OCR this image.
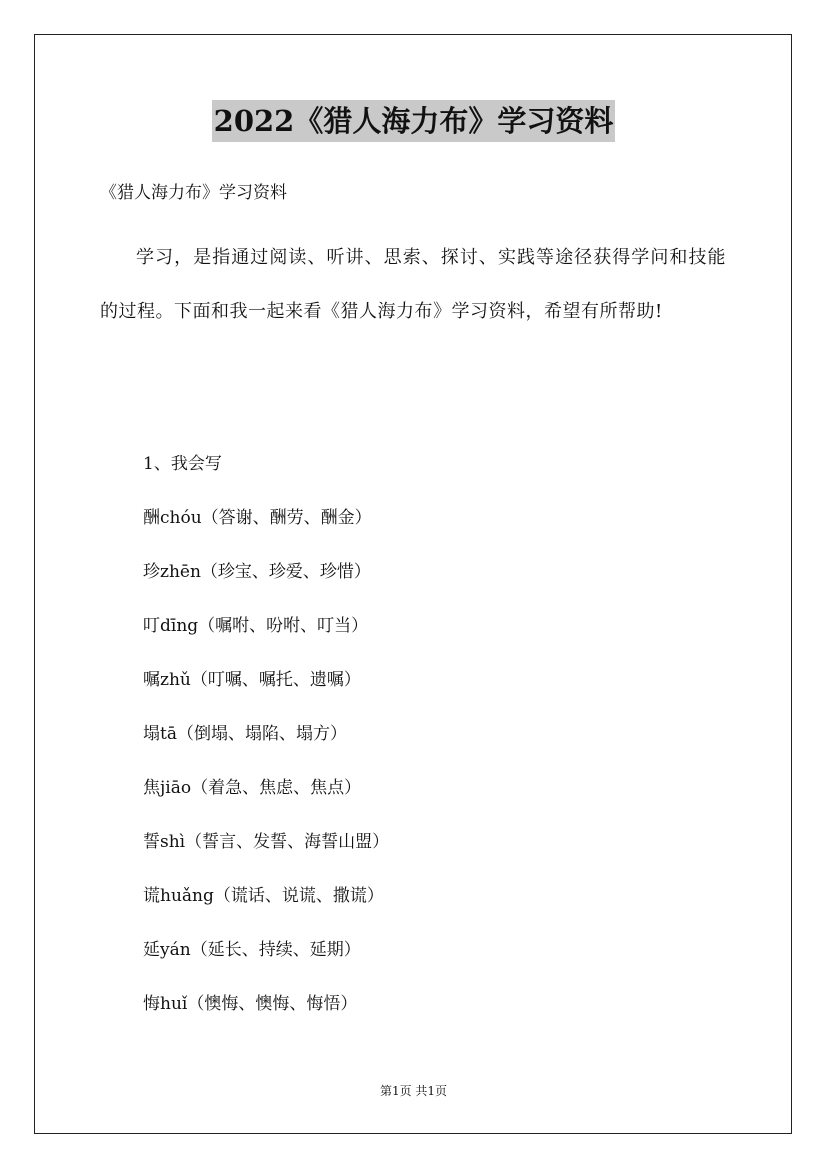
2022《猎人海力布》学习资料
《猎人海力布》学习资料
学习，是指通过阅读、听讲、思索、探讨、实践等途径获得学问和技能的过程。下面和我一起来看《猎人海力布》学习资料，希望有所帮助!
1、我会写
酬chóu（答谢、酬劳、酬金）
珍zhēn（珍宝、珍爱、珍惜）
叮dīng（嘱咐、吩咐、叮当）
嘱zhǔ（叮嘱、嘱托、遗嘱）
塌tā（倒塌、塌陷、塌方）
焦jiāo（着急、焦虑、焦点）
誓shì（誓言、发誓、海誓山盟）
谎huǎng（谎话、说谎、撒谎）
延yán（延长、持续、延期）
悔huǐ（懊悔、懊悔、悔悟）
第1页 共1页
